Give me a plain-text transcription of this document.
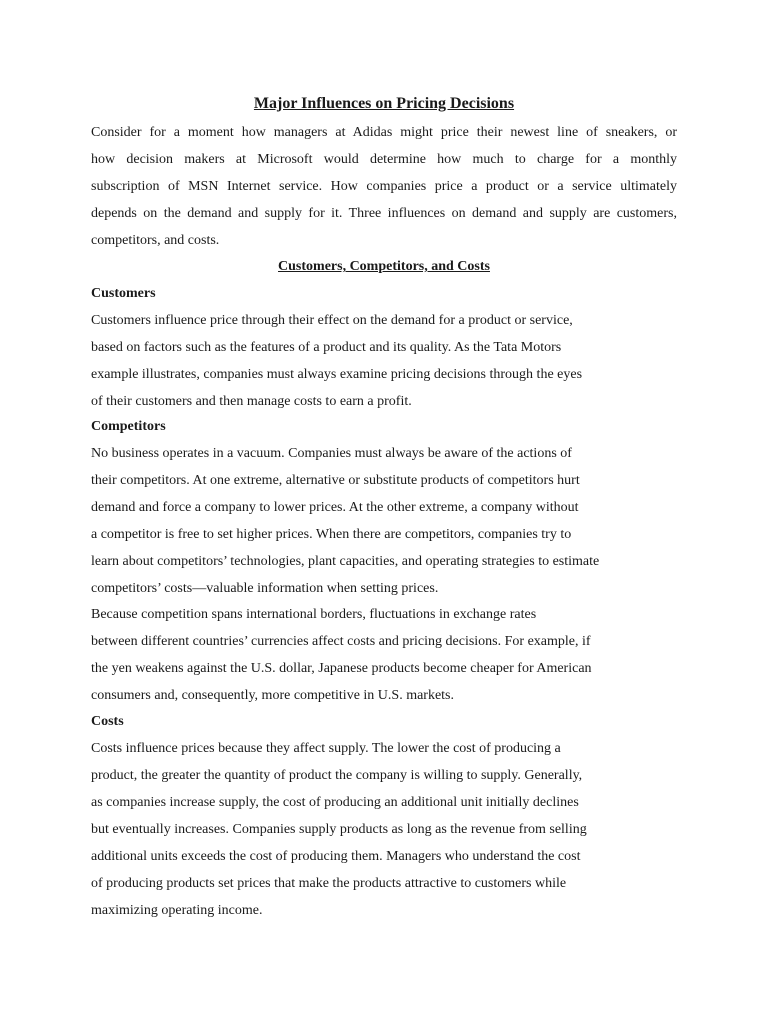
Major Influences on Pricing Decisions
Consider for a moment how managers at Adidas might price their newest line of sneakers, or
how decision makers at Microsoft would determine how much to charge for a monthly
subscription of MSN Internet service. How companies price a product or a service ultimately
depends on the demand and supply for it. Three influences on demand and supply are customers,
competitors, and costs.
Customers, Competitors, and Costs
Customers
Customers influence price through their effect on the demand for a product or service,
based on factors such as the features of a product and its quality. As the Tata Motors
example illustrates, companies must always examine pricing decisions through the eyes
of their customers and then manage costs to earn a profit.
Competitors
No business operates in a vacuum. Companies must always be aware of the actions of
their competitors. At one extreme, alternative or substitute products of competitors hurt
demand and force a company to lower prices. At the other extreme, a company without
a competitor is free to set higher prices. When there are competitors, companies try to
learn about competitors’ technologies, plant capacities, and operating strategies to estimate
competitors’ costs—valuable information when setting prices.
Because competition spans international borders, fluctuations in exchange rates
between different countries’ currencies affect costs and pricing decisions. For example, if
the yen weakens against the U.S. dollar, Japanese products become cheaper for American
consumers and, consequently, more competitive in U.S. markets.
Costs
Costs influence prices because they affect supply. The lower the cost of producing a
product, the greater the quantity of product the company is willing to supply. Generally,
as companies increase supply, the cost of producing an additional unit initially declines
but eventually increases. Companies supply products as long as the revenue from selling
additional units exceeds the cost of producing them. Managers who understand the cost
of producing products set prices that make the products attractive to customers while
maximizing operating income.
